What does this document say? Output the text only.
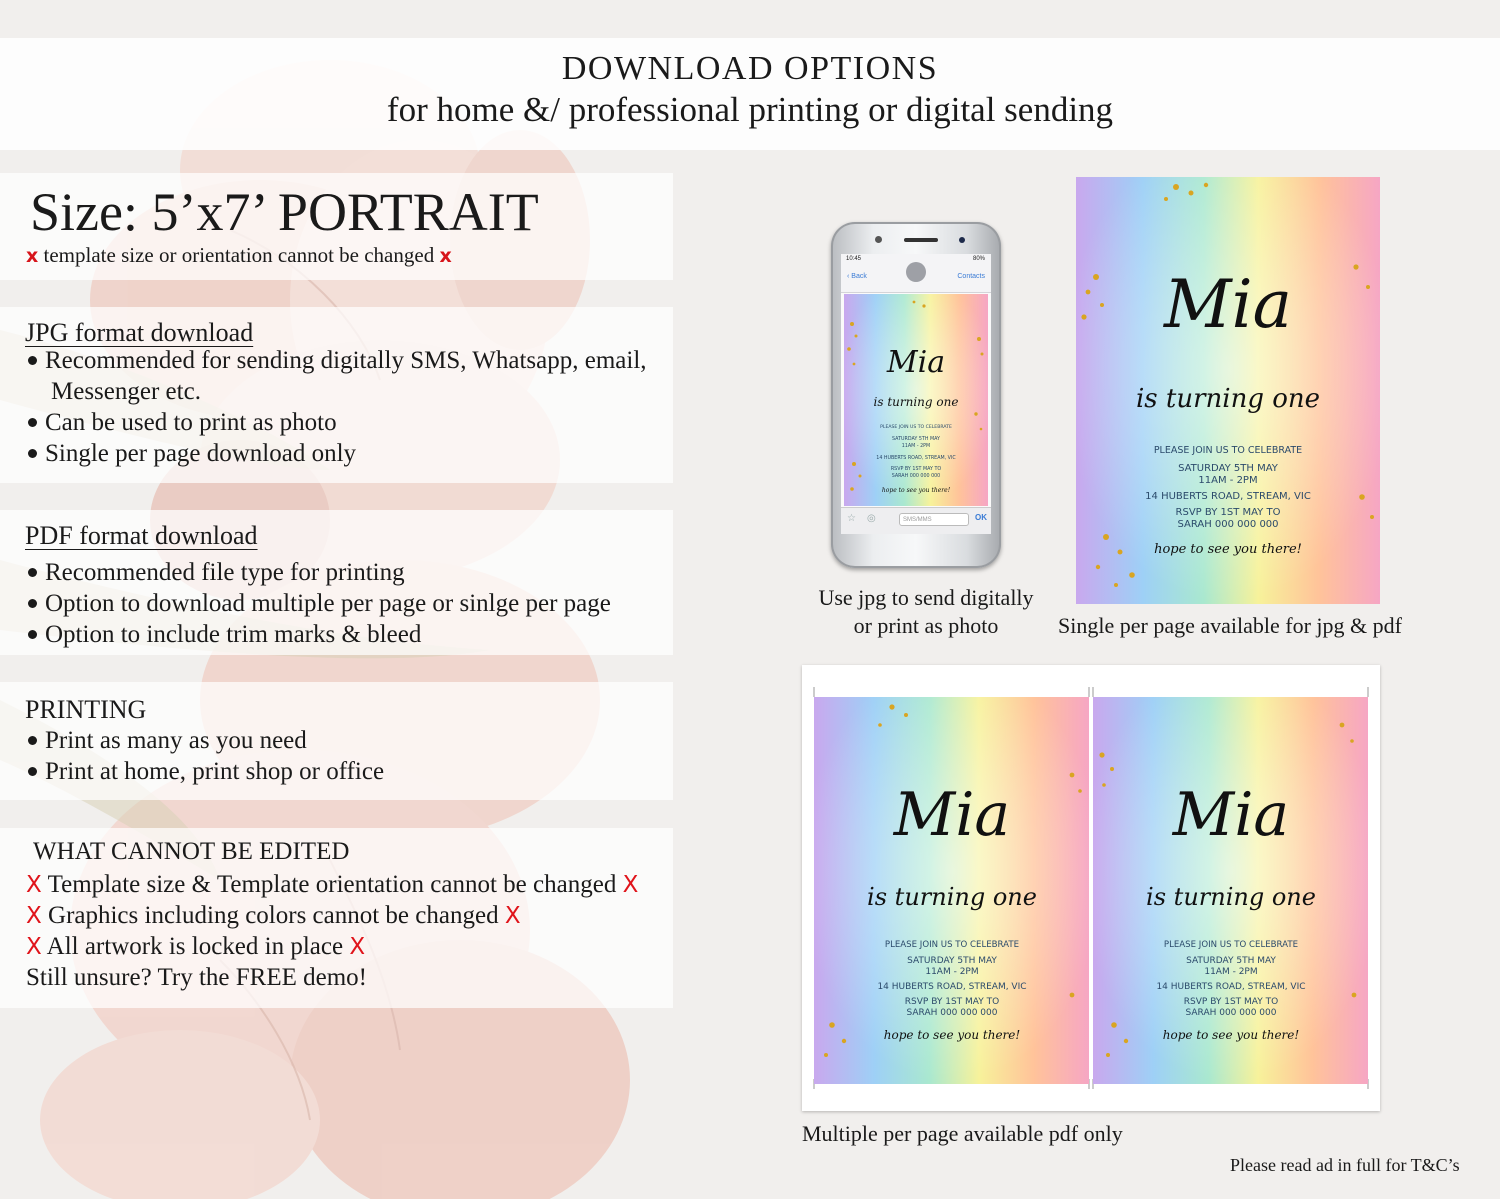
DOWNLOAD OPTIONS
for home &/ professional printing or digital sending
Size: 5’x7’ PORTRAIT
x template size or orientation cannot be changed x
JPG format download
Recommended for sending digitally SMS, Whatsapp, email,
Messenger etc.
Can be used to print as photo
Single per page download only
PDF format download
Recommended file type for printing
Option to download multiple per page or sinlge per page
Option to include trim marks & bleed
PRINTING
Print as many as you need
Print at home, print shop or office
WHAT CANNOT BE EDITED
X Template size & Template orientation cannot be changed X
X Graphics including colors cannot be changed X
X All artwork is locked in place X
Still unsure? Try the FREE demo!
10:45	80%
‹ Back	Contacts
Mia
is turning one
PLEASE JOIN US TO CELEBRATE
SATURDAY 5TH MAY
11AM - 2PM
14 HUBERTS ROAD, STREAM, VIC
RSVP BY 1ST MAY TO
SARAH 000 000 000
hope to see you there!
☆ ◎	SMS/MMS	OK
Use jpg to send digitally
or print as photo
Mia
is turning one
PLEASE JOIN US TO CELEBRATE
SATURDAY 5TH MAY
11AM - 2PM
14 HUBERTS ROAD, STREAM, VIC
RSVP BY 1ST MAY TO
SARAH 000 000 000
hope to see you there!
Single per page available for jpg & pdf
Mia
is turning one
PLEASE JOIN US TO CELEBRATE
SATURDAY 5TH MAY
11AM - 2PM
14 HUBERTS ROAD, STREAM, VIC
RSVP BY 1ST MAY TO
SARAH 000 000 000
hope to see you there!
Mia
is turning one
PLEASE JOIN US TO CELEBRATE
SATURDAY 5TH MAY
11AM - 2PM
14 HUBERTS ROAD, STREAM, VIC
RSVP BY 1ST MAY TO
SARAH 000 000 000
hope to see you there!
Multiple per page available pdf only
Please read ad in full for T&C’s
